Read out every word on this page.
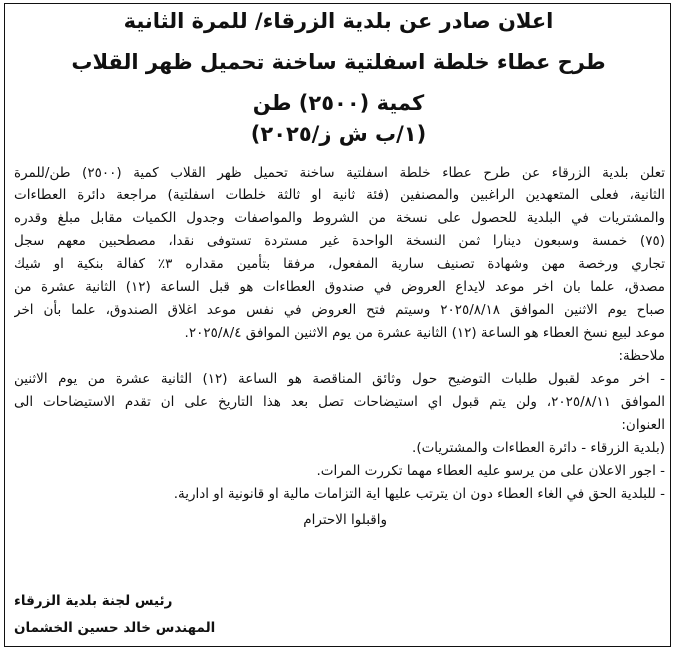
اعلان صادر عن بلدية الزرقاء/ للمرة الثانية
طرح عطاء خلطة اسفلتية ساخنة تحميل ظهر القلاب
كمية (٢٥٠٠) طن
(١/ب ش ز/٢٠٢٥)
تعلن بلدية الزرقاء عن طرح عطاء خلطة اسفلتية ساخنة تحميل ظهر القلاب كمية (٢٥٠٠) طن/للمرة
الثانية، فعلى المتعهدين الراغبين والمصنفين (فئة ثانية او ثالثة خلطات اسفلتية) مراجعة دائرة العطاءات
والمشتريات في البلدية للحصول على نسخة من الشروط والمواصفات وجدول الكميات مقابل مبلغ وقدره
(٧٥) خمسة وسبعون دينارا ثمن النسخة الواحدة غير مستردة تستوفى نقدا، مصطحبين معهم سجل
تجاري ورخصة مهن وشهادة تصنيف سارية المفعول، مرفقا بتأمين مقداره ٣٪ كفالة بنكية او شيك
مصدق، علما بان اخر موعد لايداع العروض في صندوق العطاءات هو قبل الساعة (١٢) الثانية عشرة من
صباح يوم الاثنين الموافق ٢٠٢٥/٨/١٨ وسيتم فتح العروض في نفس موعد اغلاق الصندوق، علما بأن اخر
موعد لبيع نسخ العطاء هو الساعة (١٢) الثانية عشرة من يوم الاثنين الموافق ٢٠٢٥/٨/٤.
ملاحظة:
- اخر موعد لقبول طلبات التوضيح حول وثائق المناقصة هو الساعة (١٢) الثانية عشرة من يوم الاثنين
الموافق ٢٠٢٥/٨/١١، ولن يتم قبول اي استيضاحات تصل بعد هذا التاريخ على ان تقدم الاستيضاحات الى
العنوان:
(بلدية الزرقاء - دائرة العطاءات والمشتريات).
- اجور الاعلان على من يرسو عليه العطاء مهما تكررت المرات.
- للبلدية الحق في الغاء العطاء دون ان يترتب عليها اية التزامات مالية او قانونية او ادارية.
واقبلوا الاحترام
رئيس لجنة بلدية الزرقاء
المهندس خالد حسين الخشمان
